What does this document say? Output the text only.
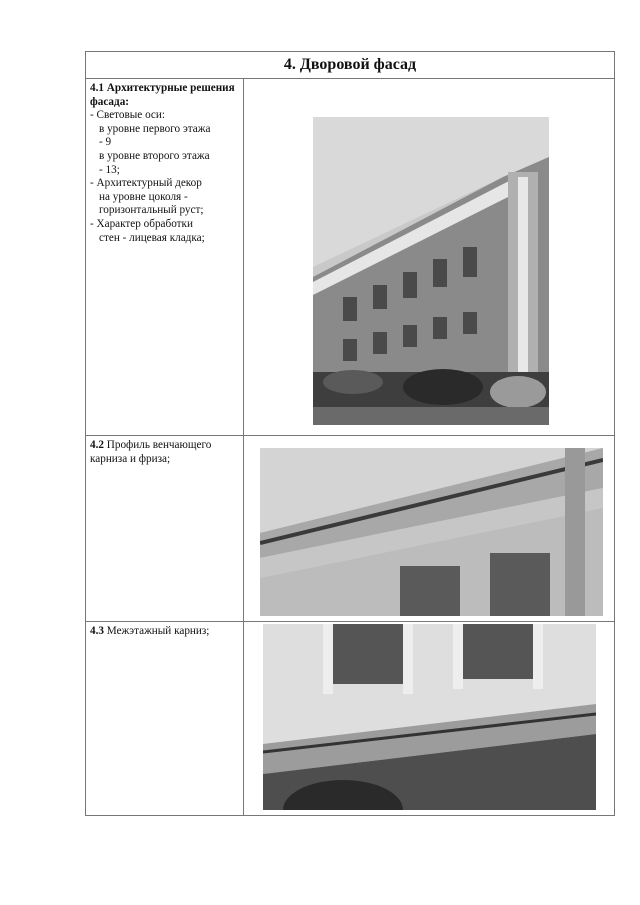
4. Дворовой фасад
4.1 Архитектурные решения фасада:
- Световые оси:
в уровне первого этажа
- 9
в уровне второго этажа
- 13;
- Архитектурный декор
на уровне цоколя -
горизонтальный руст;
- Характер обработки
стен - лицевая кладка;
4.2 Профиль венчающего
карниза и фриза;
4.3 Межэтажный карниз;
